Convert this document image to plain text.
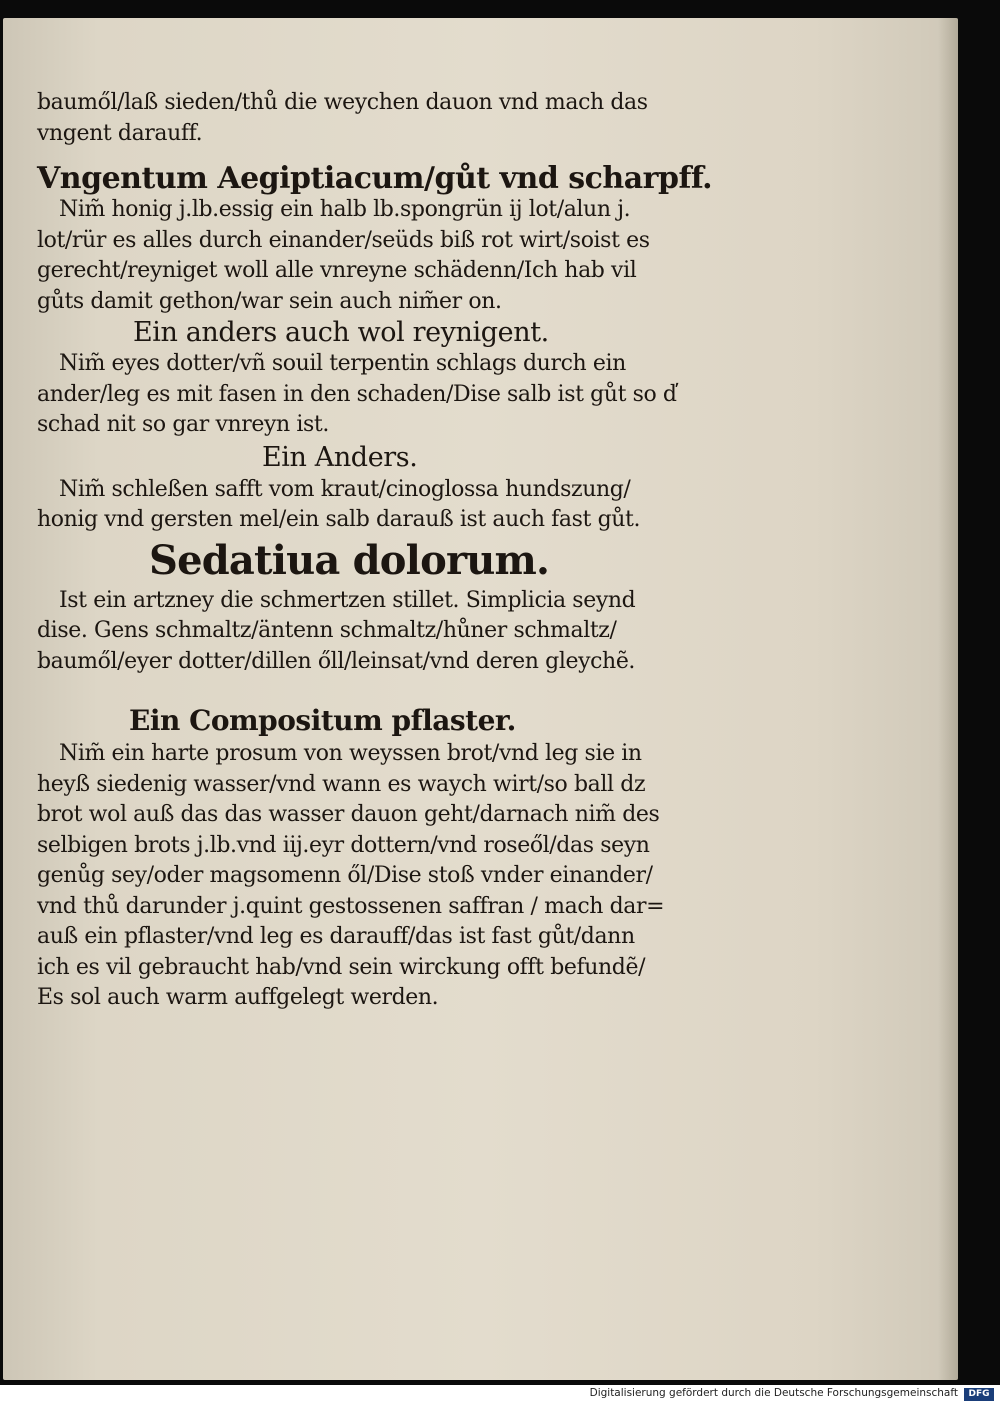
baumől/laß sieden/thů die weychen dauon vnd mach das
vngent darauff.
Vngentum Aegiptiacum/gůt vnd scharpff.
Nim̃ honig j.lb.essig ein halb lb.spongrün ij lot/alun j.
lot/rür es alles durch einander/seüds biß rot wirt/soist es
gerecht/reyniget woll alle vnreyne schädenn/Ich hab vil
gůts damit gethon/war sein auch nim̃er on.
Ein anders auch wol reynigent.
Nim̃ eyes dotter/vñ souil terpentin schlags durch ein
ander/leg es mit fasen in den schaden/Dise salb ist gůt so d̕
schad nit so gar vnreyn ist.
Ein Anders.
Nim̃ schleßen safft vom kraut/cinoglossa hundszung/
honig vnd gersten mel/ein salb darauß ist auch fast gůt.
Sedatiua dolorum.
Ist ein artzney die schmertzen stillet. Simplicia seynd
dise. Gens schmaltz/äntenn schmaltz/hůner schmaltz/
baumől/eyer dotter/dillen őll/leinsat/vnd deren gleychẽ.
Ein Compositum pflaster.
Nim̃ ein harte prosum von weyssen brot/vnd leg sie in
heyß siedenig wasser/vnd wann es waych wirt/so ball dz
brot wol auß das das wasser dauon geht/darnach nim̃ des
selbigen brots j.lb.vnd iij.eyr dottern/vnd roseől/das seyn
genůg sey/oder magsomenn ől/Dise stoß vnder einander/
vnd thů darunder j.quint gestossenen saffran / mach dar=
auß ein pflaster/vnd leg es darauff/das ist fast gůt/dann
ich es vil gebraucht hab/vnd sein wirckung offt befundẽ/
Es sol auch warm auffgelegt werden.
Digitalisierung gefördert durch die Deutsche Forschungsgemeinschaft	DFG
